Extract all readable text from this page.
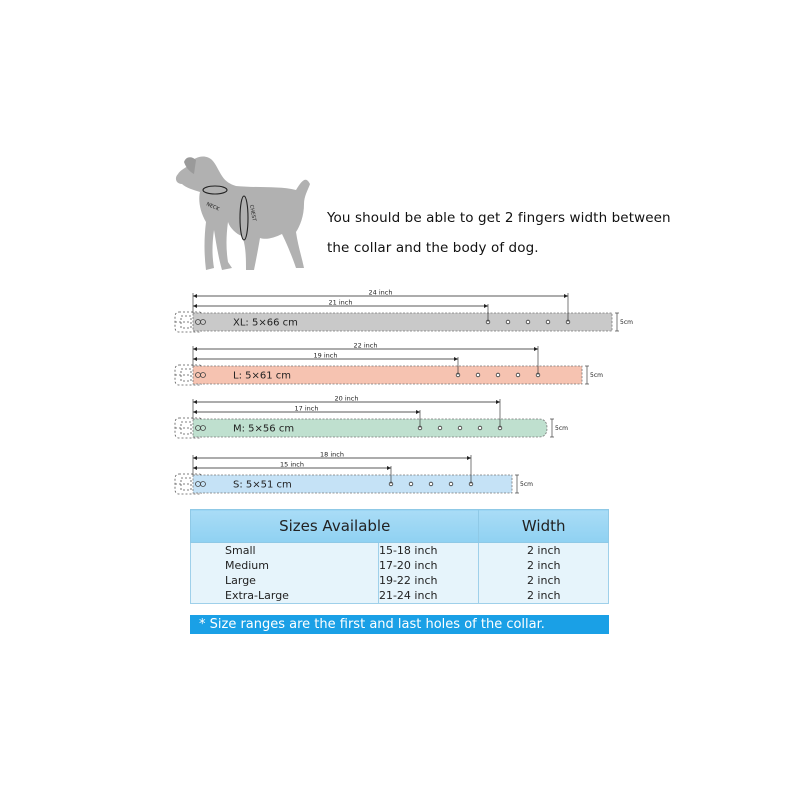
NECK	CHEST	You should be able to get 2 fingers width between
the collar and the body of dog.
XL: 5×66 cm
24 inch
21 inch
5cm
L: 5×61 cm
22 inch
19 inch
5cm
M: 5×56 cm
20 inch
17 inch
5cm
S: 5×51 cm
18 inch
15 inch
5cm
Sizes Available		Width
Small	15-18 inch	2 inch
Medium	17-20 inch	2 inch
Large	19-22 inch	2 inch
Extra-Large	21-24 inch	2 inch
* Size ranges are the first and last holes of the collar.
